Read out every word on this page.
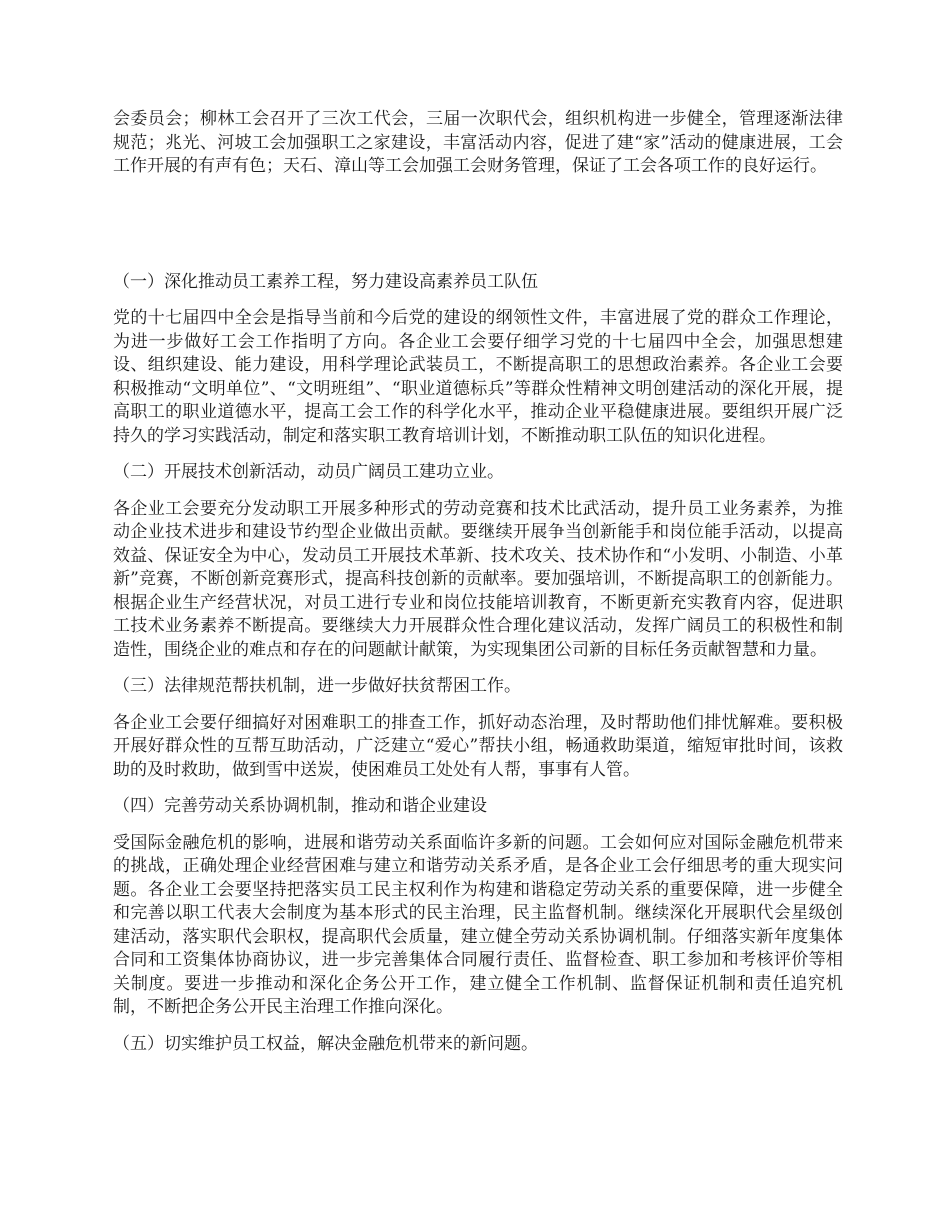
会委员会；柳林工会召开了三次工代会，三届一次职代会，组织机构进一步健全，管理逐渐法律规范；兆光、河坡工会加强职工之家建设，丰富活动内容，促进了建“家”活动的健康进展，工会工作开展的有声有色；天石、漳山等工会加强工会财务管理，保证了工会各项工作的良好运行。

（一）深化推动员工素养工程，努力建设高素养员工队伍

党的十七届四中全会是指导当前和今后党的建设的纲领性文件，丰富进展了党的群众工作理论，为进一步做好工会工作指明了方向。各企业工会要仔细学习党的十七届四中全会，加强思想建设、组织建设、能力建设，用科学理论武装员工，不断提高职工的思想政治素养。各企业工会要积极推动“文明单位”、“文明班组”、“职业道德标兵”等群众性精神文明创建活动的深化开展，提高职工的职业道德水平，提高工会工作的科学化水平，推动企业平稳健康进展。要组织开展广泛持久的学习实践活动，制定和落实职工教育培训计划，不断推动职工队伍的知识化进程。

（二）开展技术创新活动，动员广阔员工建功立业。

各企业工会要充分发动职工开展多种形式的劳动竞赛和技术比武活动，提升员工业务素养，为推动企业技术进步和建设节约型企业做出贡献。要继续开展争当创新能手和岗位能手活动，以提高效益、保证安全为中心，发动员工开展技术革新、技术攻关、技术协作和“小发明、小制造、小革新”竞赛，不断创新竞赛形式，提高科技创新的贡献率。要加强培训，不断提高职工的创新能力。根据企业生产经营状况，对员工进行专业和岗位技能培训教育，不断更新充实教育内容，促进职工技术业务素养不断提高。要继续大力开展群众性合理化建议活动，发挥广阔员工的积极性和制造性，围绕企业的难点和存在的问题献计献策，为实现集团公司新的目标任务贡献智慧和力量。

（三）法律规范帮扶机制，进一步做好扶贫帮困工作。

各企业工会要仔细搞好对困难职工的排查工作，抓好动态治理，及时帮助他们排忧解难。要积极开展好群众性的互帮互助活动，广泛建立“爱心”帮扶小组，畅通救助渠道，缩短审批时间，该救助的及时救助，做到雪中送炭，使困难员工处处有人帮，事事有人管。

（四）完善劳动关系协调机制，推动和谐企业建设

受国际金融危机的影响，进展和谐劳动关系面临许多新的问题。工会如何应对国际金融危机带来的挑战，正确处理企业经营困难与建立和谐劳动关系矛盾，是各企业工会仔细思考的重大现实问题。各企业工会要坚持把落实员工民主权利作为构建和谐稳定劳动关系的重要保障，进一步健全和完善以职工代表大会制度为基本形式的民主治理，民主监督机制。继续深化开展职代会星级创建活动，落实职代会职权，提高职代会质量，建立健全劳动关系协调机制。仔细落实新年度集体合同和工资集体协商协议，进一步完善集体合同履行责任、监督检查、职工参加和考核评价等相关制度。要进一步推动和深化企务公开工作，建立健全工作机制、监督保证机制和责任追究机制，不断把企务公开民主治理工作推向深化。

（五）切实维护员工权益，解决金融危机带来的新问题。
